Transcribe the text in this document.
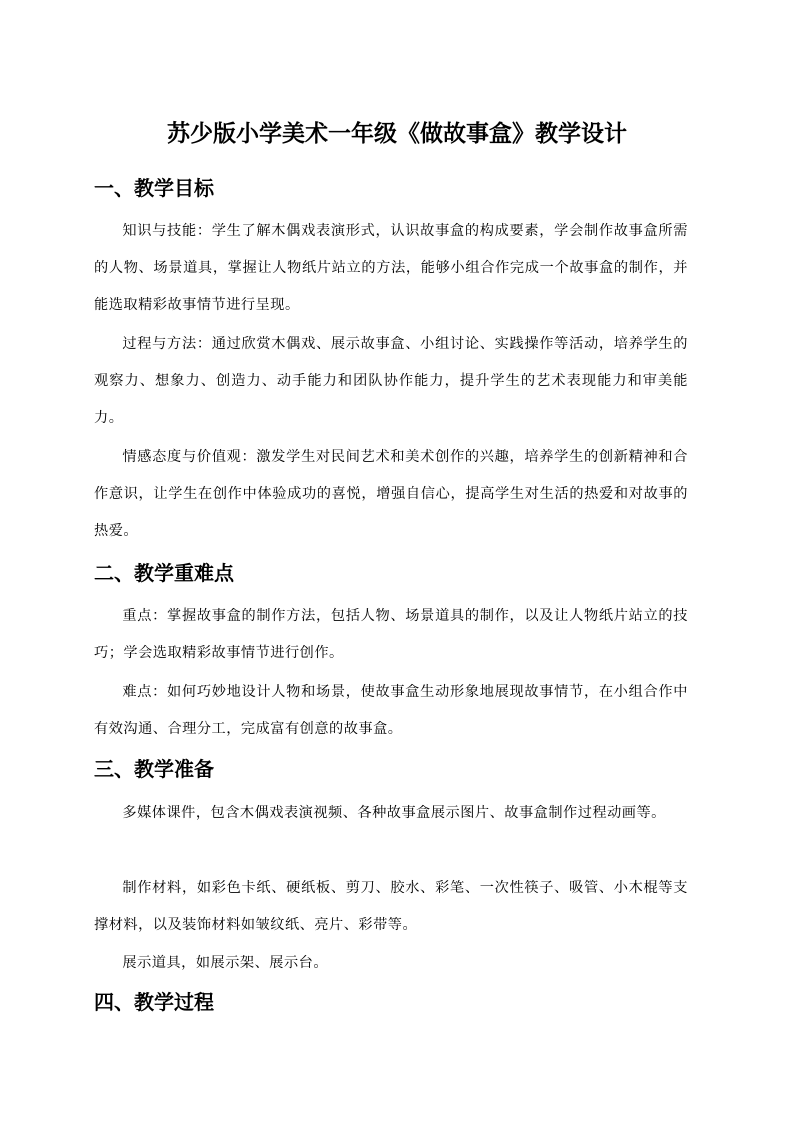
苏少版小学美术一年级《做故事盒》教学设计
一、教学目标

知识与技能：学生了解木偶戏表演形式，认识故事盒的构成要素，学会制作故事盒所需的人物、场景道具，掌握让人物纸片站立的方法，能够小组合作完成一个故事盒的制作，并能选取精彩故事情节进行呈现。

过程与方法：通过欣赏木偶戏、展示故事盒、小组讨论、实践操作等活动，培养学生的观察力、想象力、创造力、动手能力和团队协作能力，提升学生的艺术表现能力和审美能力。

情感态度与价值观：激发学生对民间艺术和美术创作的兴趣，培养学生的创新精神和合作意识，让学生在创作中体验成功的喜悦，增强自信心，提高学生对生活的热爱和对故事的热爱。

二、教学重难点

重点：掌握故事盒的制作方法，包括人物、场景道具的制作，以及让人物纸片站立的技巧；学会选取精彩故事情节进行创作。

难点：如何巧妙地设计人物和场景，使故事盒生动形象地展现故事情节，在小组合作中有效沟通、合理分工，完成富有创意的故事盒。

三、教学准备

多媒体课件，包含木偶戏表演视频、各种故事盒展示图片、故事盒制作过程动画等。

制作材料，如彩色卡纸、硬纸板、剪刀、胶水、彩笔、一次性筷子、吸管、小木棍等支撑材料，以及装饰材料如皱纹纸、亮片、彩带等。

展示道具，如展示架、展示台。

四、教学过程
